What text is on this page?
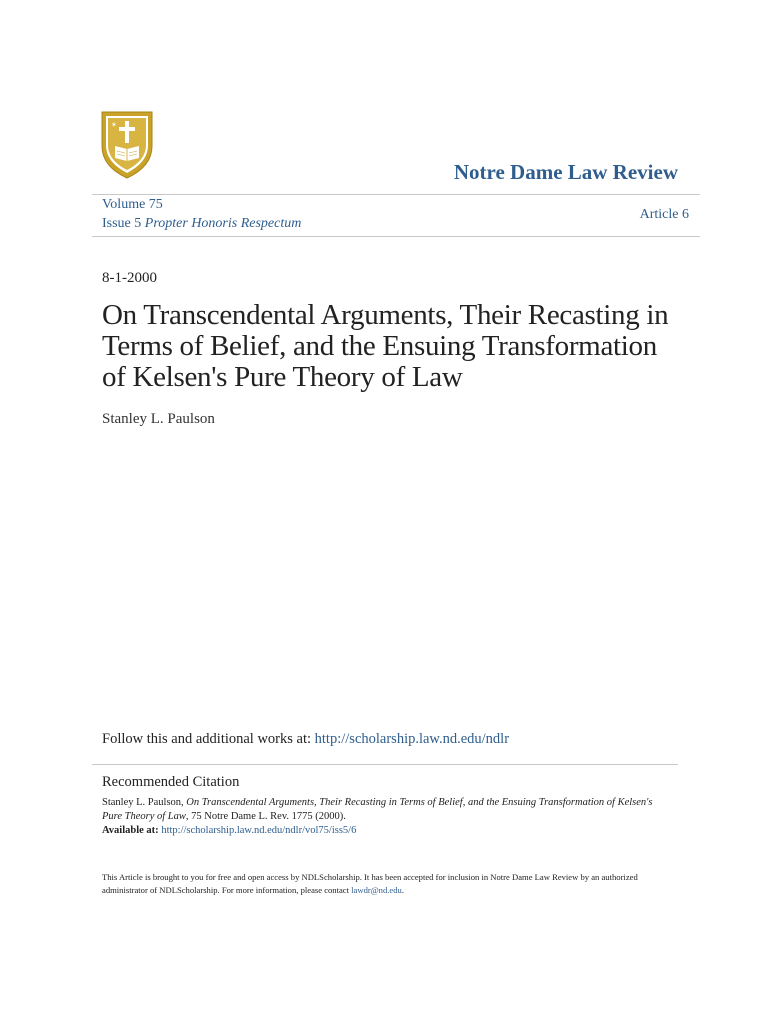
✶
Notre Dame Law Review
Volume 75
Issue 5 Propter Honoris Respectum
Article 6
8-1-2000
On Transcendental Arguments, Their Recasting in Terms of Belief, and the Ensuing Transformation of Kelsen's Pure Theory of Law
Stanley L. Paulson
Follow this and additional works at: http://scholarship.law.nd.edu/ndlr
Recommended Citation
Stanley L. Paulson, On Transcendental Arguments, Their Recasting in Terms of Belief, and the Ensuing Transformation of Kelsen's Pure Theory of Law, 75 Notre Dame L. Rev. 1775 (2000).
Available at: http://scholarship.law.nd.edu/ndlr/vol75/iss5/6
This Article is brought to you for free and open access by NDLScholarship. It has been accepted for inclusion in Notre Dame Law Review by an authorized administrator of NDLScholarship. For more information, please contact lawdr@nd.edu.
